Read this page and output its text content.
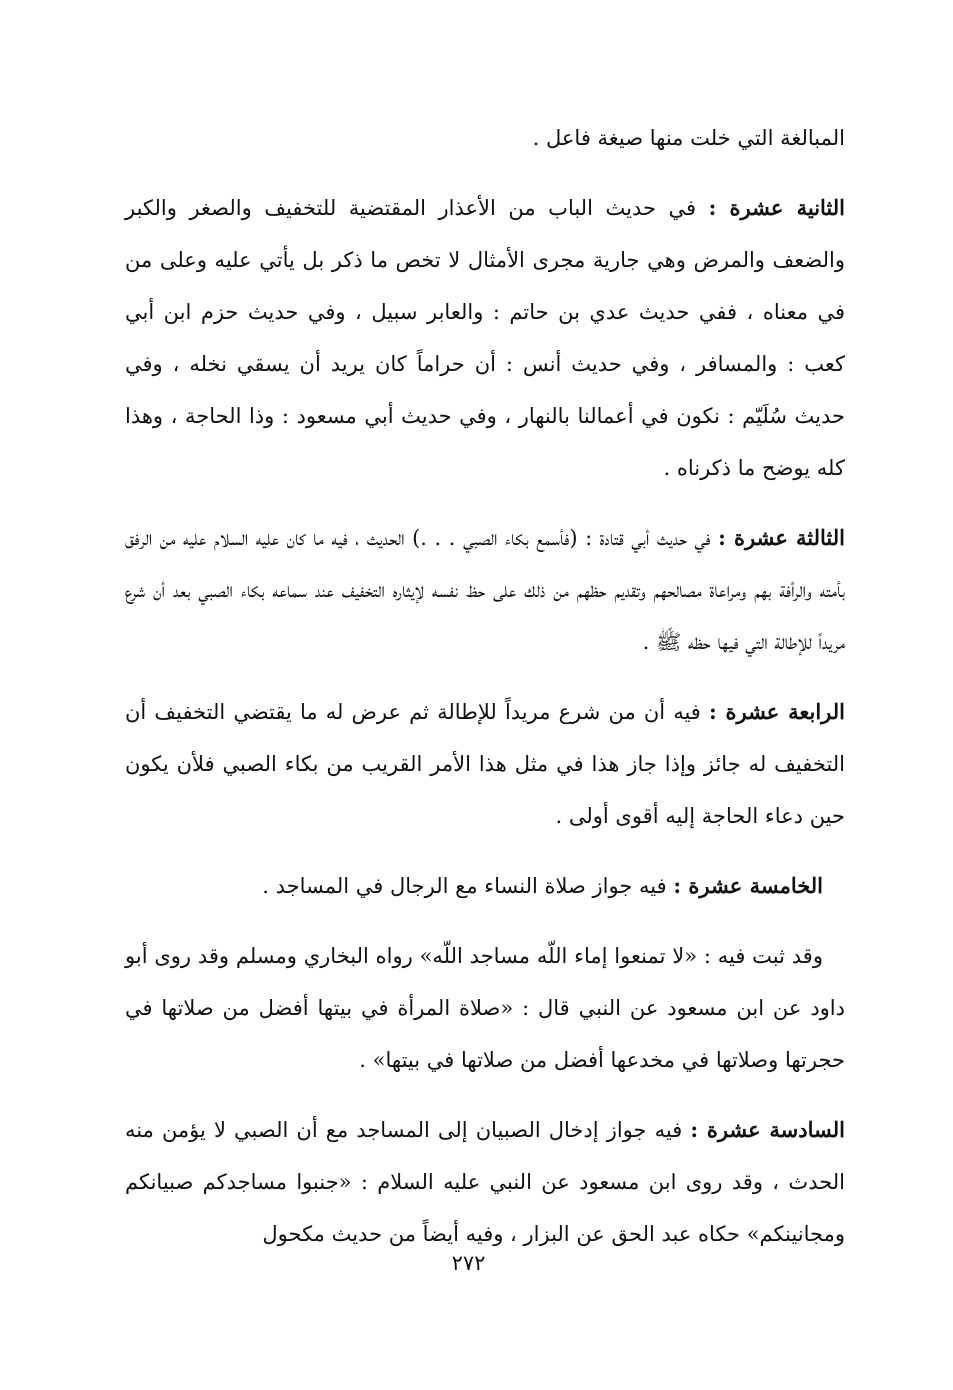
المبالغة التي خلت منها صيغة فاعل .

الثانية عشرة : في حديث الباب من الأعذار المقتضية للتخفيف والصغر والكبر والضعف والمرض وهي جارية مجرى الأمثال لا تخص ما ذكر بل يأتي عليه وعلى من في معناه ، ففي حديث عدي بن حاتم : والعابر سبيل ، وفي حديث حزم ابن أبي كعب : والمسافر ، وفي حديث أنس : أن حراماً كان يريد أن يسقي نخله ، وفي حديث سُلَيّم : نكون في أعمالنا بالنهار ، وفي حديث أبي مسعود : وذا الحاجة ، وهذا كله يوضح ما ذكرناه .

الثالثة عشرة : في حديث أبي قتادة : (فأسمع بكاء الصبي . . .) الحديث ، فيه ما كان عليه السلام عليه من الرفق بأمته والرأفة بهم ومراعاة مصالحهم وتقديم حظهم من ذلك على حظ نفسه لإيثاره التخفيف عند سماعه بكاء الصبي بعد أن شرع مريداً للإطالة التي فيها حظه ﷺ .

الرابعة عشرة : فيه أن من شرع مريداً للإطالة ثم عرض له ما يقتضي التخفيف أن التخفيف له جائز وإذا جاز هذا في مثل هذا الأمر القريب من بكاء الصبي فلأن يكون حين دعاء الحاجة إليه أقوى أولى .

الخامسة عشرة : فيه جواز صلاة النساء مع الرجال في المساجد .

وقد ثبت فيه : «لا تمنعوا إماء اللّه مساجد اللّه» رواه البخاري ومسلم وقد روى أبو داود عن ابن مسعود عن النبي قال : «صلاة المرأة في بيتها أفضل من صلاتها في حجرتها وصلاتها في مخدعها أفضل من صلاتها في بيتها» .

السادسة عشرة : فيه جواز إدخال الصبيان إلى المساجد مع أن الصبي لا يؤمن منه الحدث ، وقد روى ابن مسعود عن النبي عليه السلام : «جنبوا مساجدكم صبيانكم ومجانينكم» حكاه عبد الحق عن البزار ، وفيه أيضاً من حديث مكحول

٢٧٢
